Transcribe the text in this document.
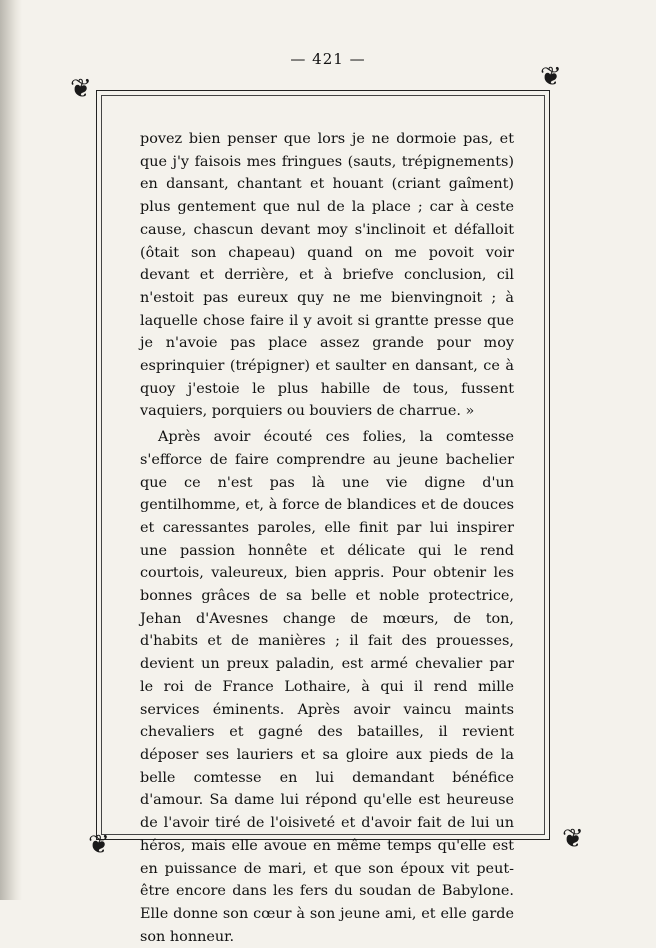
— 421 —
❦	❦
❦	❦

povez bien penser que lors je ne dormoie pas, et que j'y faisois mes fringues (sauts, trépignements) en dansant, chantant et houant (criant gaîment) plus gentement que nul de la place ; car à ceste cause, chascun devant moy s'inclinoit et défalloit (ôtait son chapeau) quand on me povoit voir devant et derrière, et à briefve conclusion, cil n'estoit pas eureux quy ne me bienvingnoit ; à laquelle chose faire il y avoit si grantte presse que je n'avoie pas place assez grande pour moy esprinquier (trépigner) et saulter en dansant, ce à quoy j'estoie le plus habille de tous, fussent vaquiers, porquiers ou bouviers de charrue. »

Après avoir écouté ces folies, la comtesse s'efforce de faire comprendre au jeune bachelier que ce n'est pas là une vie digne d'un gentilhomme, et, à force de blandices et de douces et caressantes paroles, elle finit par lui inspirer une passion honnête et délicate qui le rend courtois, valeureux, bien appris. Pour obtenir les bonnes grâces de sa belle et noble protectrice, Jehan d'Avesnes change de mœurs, de ton, d'habits et de manières ; il fait des prouesses, devient un preux paladin, est armé chevalier par le roi de France Lothaire, à qui il rend mille services éminents. Après avoir vaincu maints chevaliers et gagné des batailles, il revient déposer ses lauriers et sa gloire aux pieds de la belle comtesse en lui demandant bénéfice d'amour. Sa dame lui répond qu'elle est heureuse de l'avoir tiré de l'oisiveté et d'avoir fait de lui un héros, mais elle avoue en même temps qu'elle est en puissance de mari, et que son époux vit peut-être encore dans les fers du soudan de Babylone. Elle donne son cœur à son jeune ami, et elle garde son honneur.
